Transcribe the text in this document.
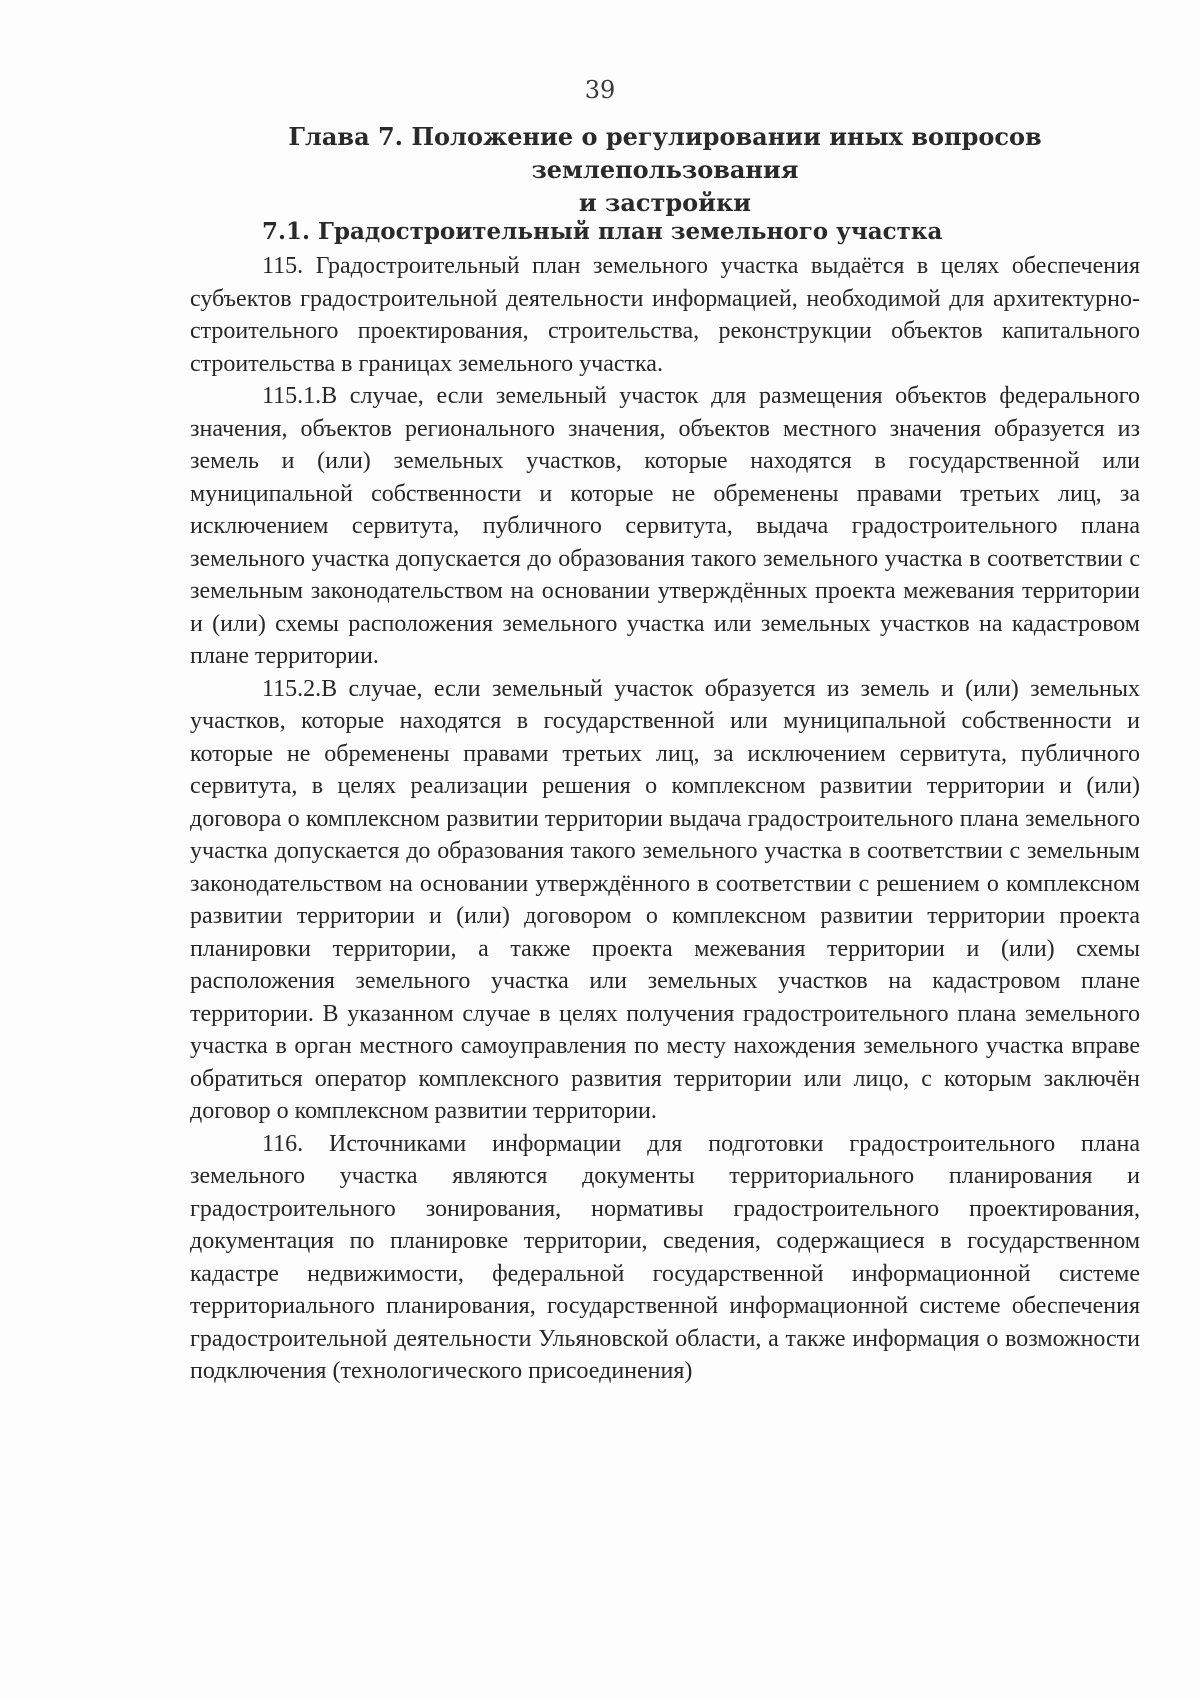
39
Глава 7. Положение о регулировании иных вопросов землепользования
и застройки
7.1. Градостроительный план земельного участка

115. Градостроительный план земельного участка выдаётся в целях обеспечения субъектов градостроительной деятельности информацией, необходимой для архитектурно-строительного проектирования, строительства, реконструкции объектов капитального строительства в границах земельного участка.

115.1.В случае, если земельный участок для размещения объектов федерального значения, объектов регионального значения, объектов местного значения образуется из земель и (или) земельных участков, которые находятся в государственной или муниципальной собственности и которые не обременены правами третьих лиц, за исключением сервитута, публичного сервитута, выдача градостроительного плана земельного участка допускается до образования такого земельного участка в соответствии с земельным законодательством на основании утверждённых проекта межевания территории и (или) схемы расположения земельного участка или земельных участков на кадастровом плане территории.

115.2.В случае, если земельный участок образуется из земель и (или) земельных участков, которые находятся в государственной или муниципальной собственности и которые не обременены правами третьих лиц, за исключением сервитута, публичного сервитута, в целях реализации решения о комплексном развитии территории и (или) договора о комплексном развитии территории выдача градостроительного плана земельного участка допускается до образования такого земельного участка в соответствии с земельным законодательством на основании утверждённого в соответствии с решением о комплексном развитии территории и (или) договором о комплексном развитии территории проекта планировки территории, а также проекта межевания территории и (или) схемы расположения земельного участка или земельных участков на кадастровом плане территории. В указанном случае в целях получения градостроительного плана земельного участка в орган местного самоуправления по месту нахождения земельного участка вправе обратиться оператор комплексного развития территории или лицо, с которым заключён договор о комплексном развитии территории.

116. Источниками информации для подготовки градостроительного плана земельного участка являются документы территориального планирования и градостроительного зонирования, нормативы градостроительного проектирования, документация по планировке территории, сведения, содержащиеся в государственном кадастре недвижимости, федеральной государственной информационной системе территориального планирования, государственной информационной системе обеспечения градостроительной деятельности Ульяновской области, а также информация о возможности подключения (технологического присоединения)
